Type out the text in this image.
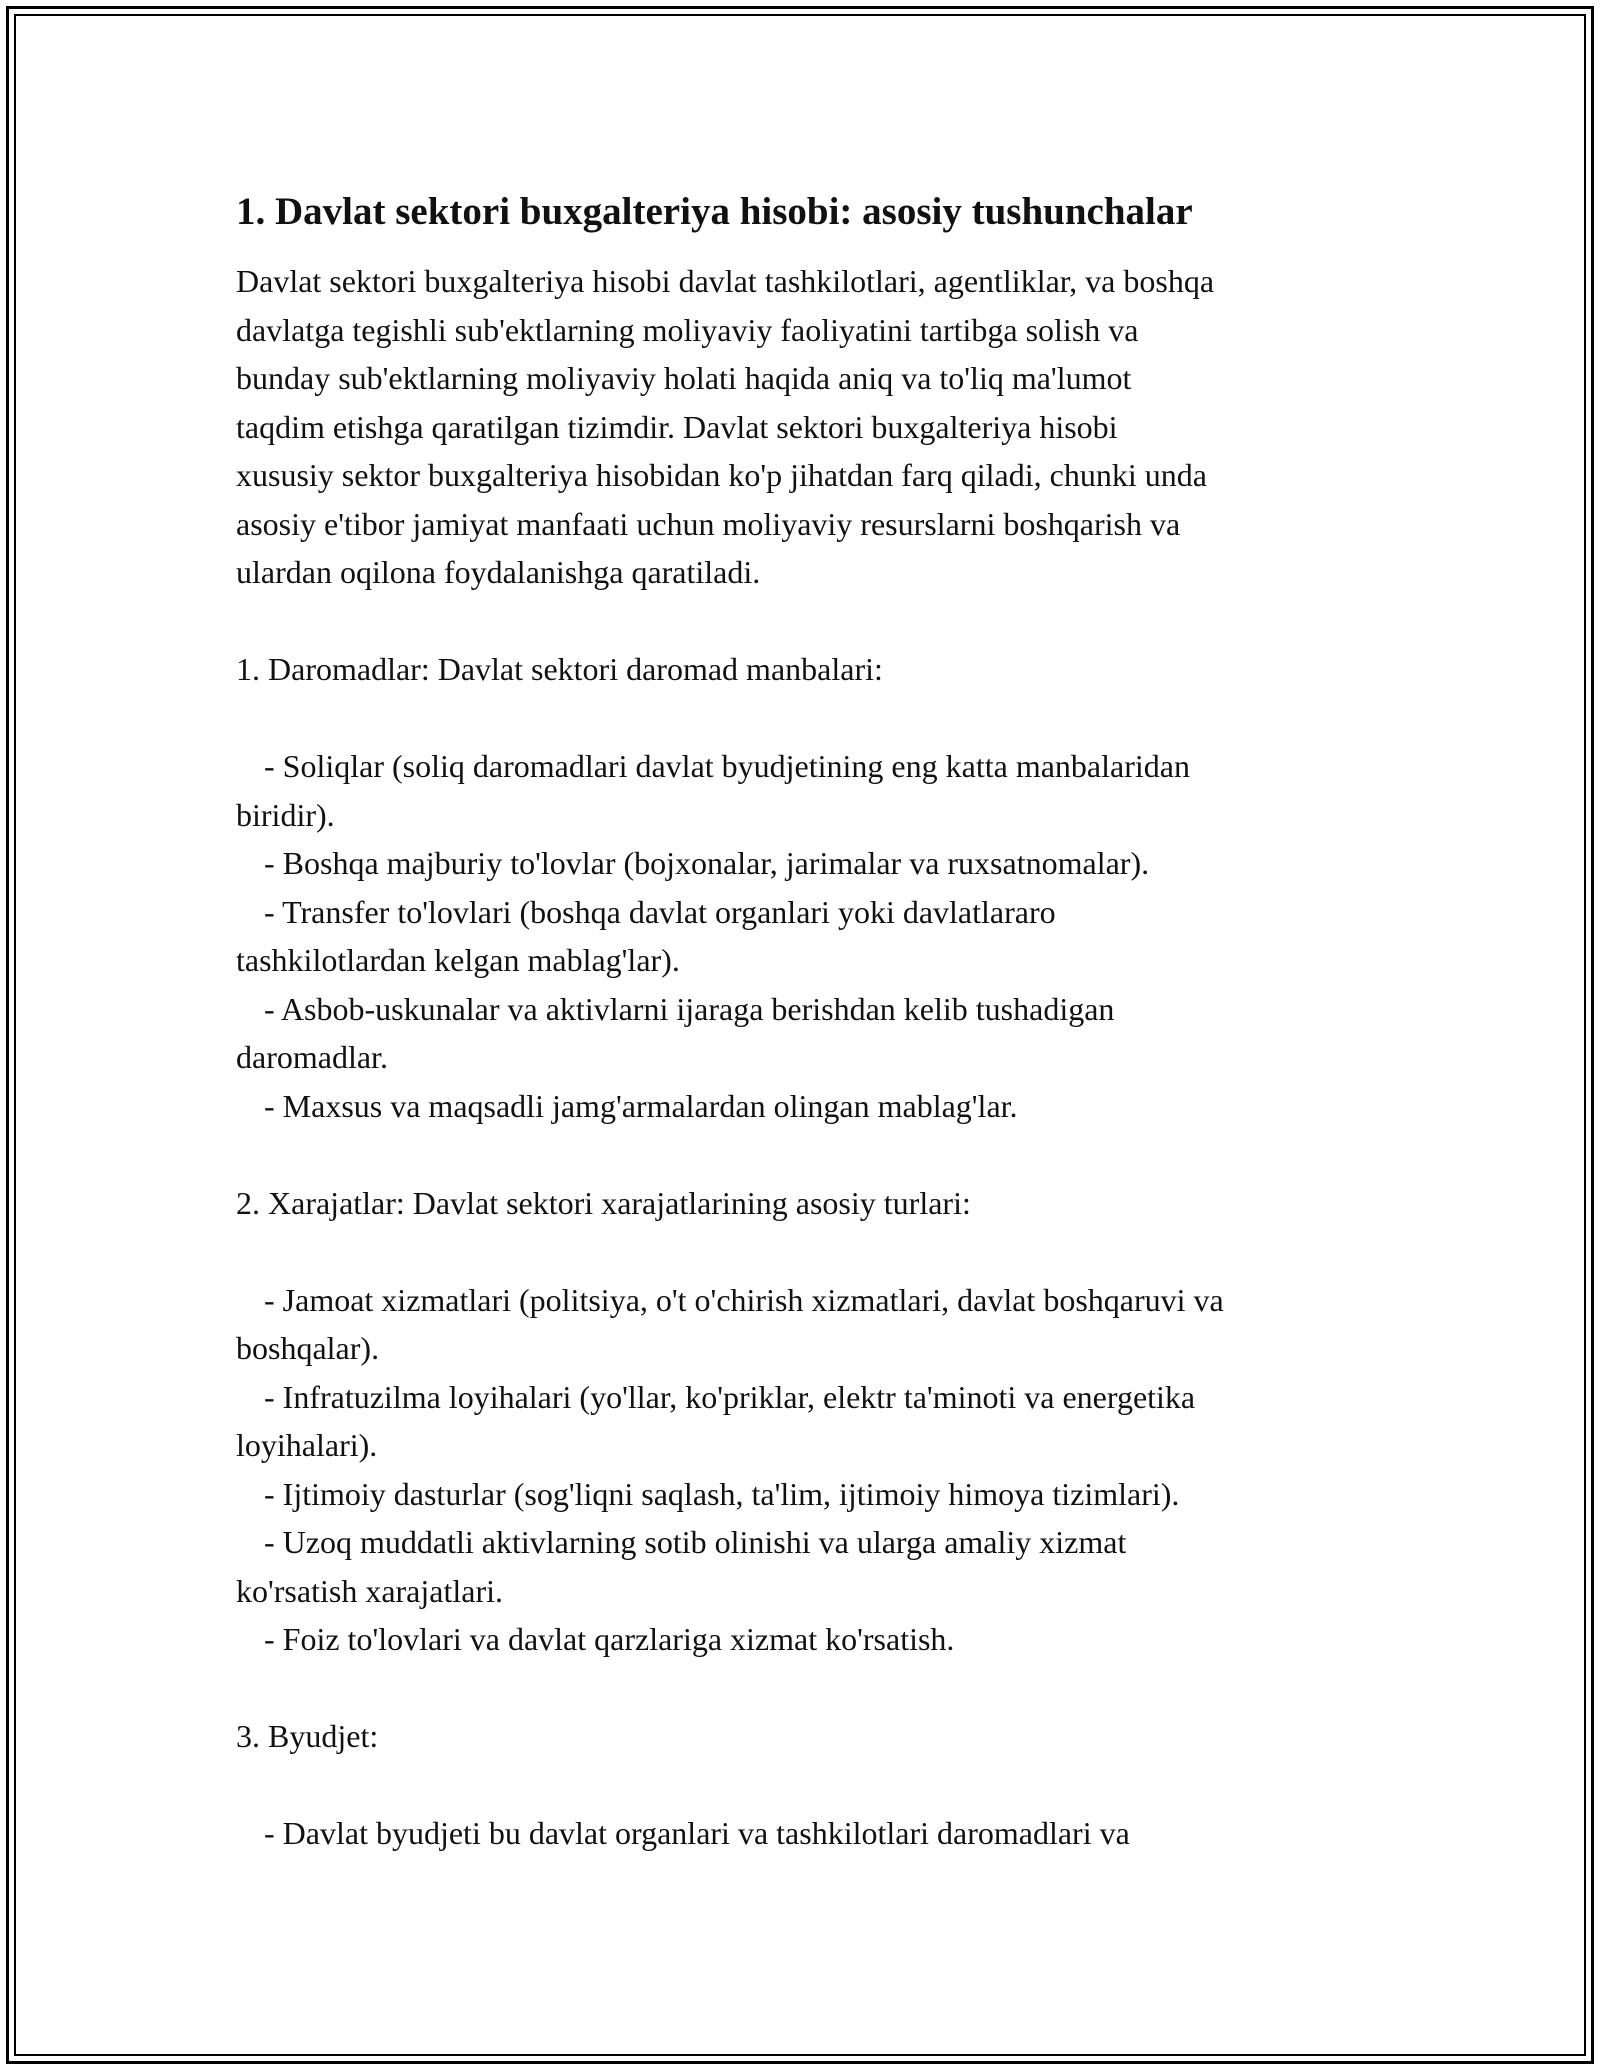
1. Davlat sektori buxgalteriya hisobi: asosiy tushunchalar

Davlat sektori buxgalteriya hisobi davlat tashkilotlari, agentliklar, va boshqa

davlatga tegishli sub'ektlarning moliyaviy faoliyatini tartibga solish va

bunday sub'ektlarning moliyaviy holati haqida aniq va to'liq ma'lumot

taqdim etishga qaratilgan tizimdir. Davlat sektori buxgalteriya hisobi

xususiy sektor buxgalteriya hisobidan ko'p jihatdan farq qiladi, chunki unda

asosiy e'tibor jamiyat manfaati uchun moliyaviy resurslarni boshqarish va

ulardan oqilona foydalanishga qaratiladi.

1. Daromadlar: Davlat sektori daromad manbalari:

- Soliqlar (soliq daromadlari davlat byudjetining eng katta manbalaridan

biridir).

- Boshqa majburiy to'lovlar (bojxonalar, jarimalar va ruxsatnomalar).

- Transfer to'lovlari (boshqa davlat organlari yoki davlatlararo

tashkilotlardan kelgan mablag'lar).

- Asbob-uskunalar va aktivlarni ijaraga berishdan kelib tushadigan

daromadlar.

- Maxsus va maqsadli jamg'armalardan olingan mablag'lar.

2. Xarajatlar: Davlat sektori xarajatlarining asosiy turlari:

- Jamoat xizmatlari (politsiya, o't o'chirish xizmatlari, davlat boshqaruvi va

boshqalar).

- Infratuzilma loyihalari (yo'llar, ko'priklar, elektr ta'minoti va energetika

loyihalari).

- Ijtimoiy dasturlar (sog'liqni saqlash, ta'lim, ijtimoiy himoya tizimlari).

- Uzoq muddatli aktivlarning sotib olinishi va ularga amaliy xizmat

ko'rsatish xarajatlari.

- Foiz to'lovlari va davlat qarzlariga xizmat ko'rsatish.

3. Byudjet:

- Davlat byudjeti bu davlat organlari va tashkilotlari daromadlari va
